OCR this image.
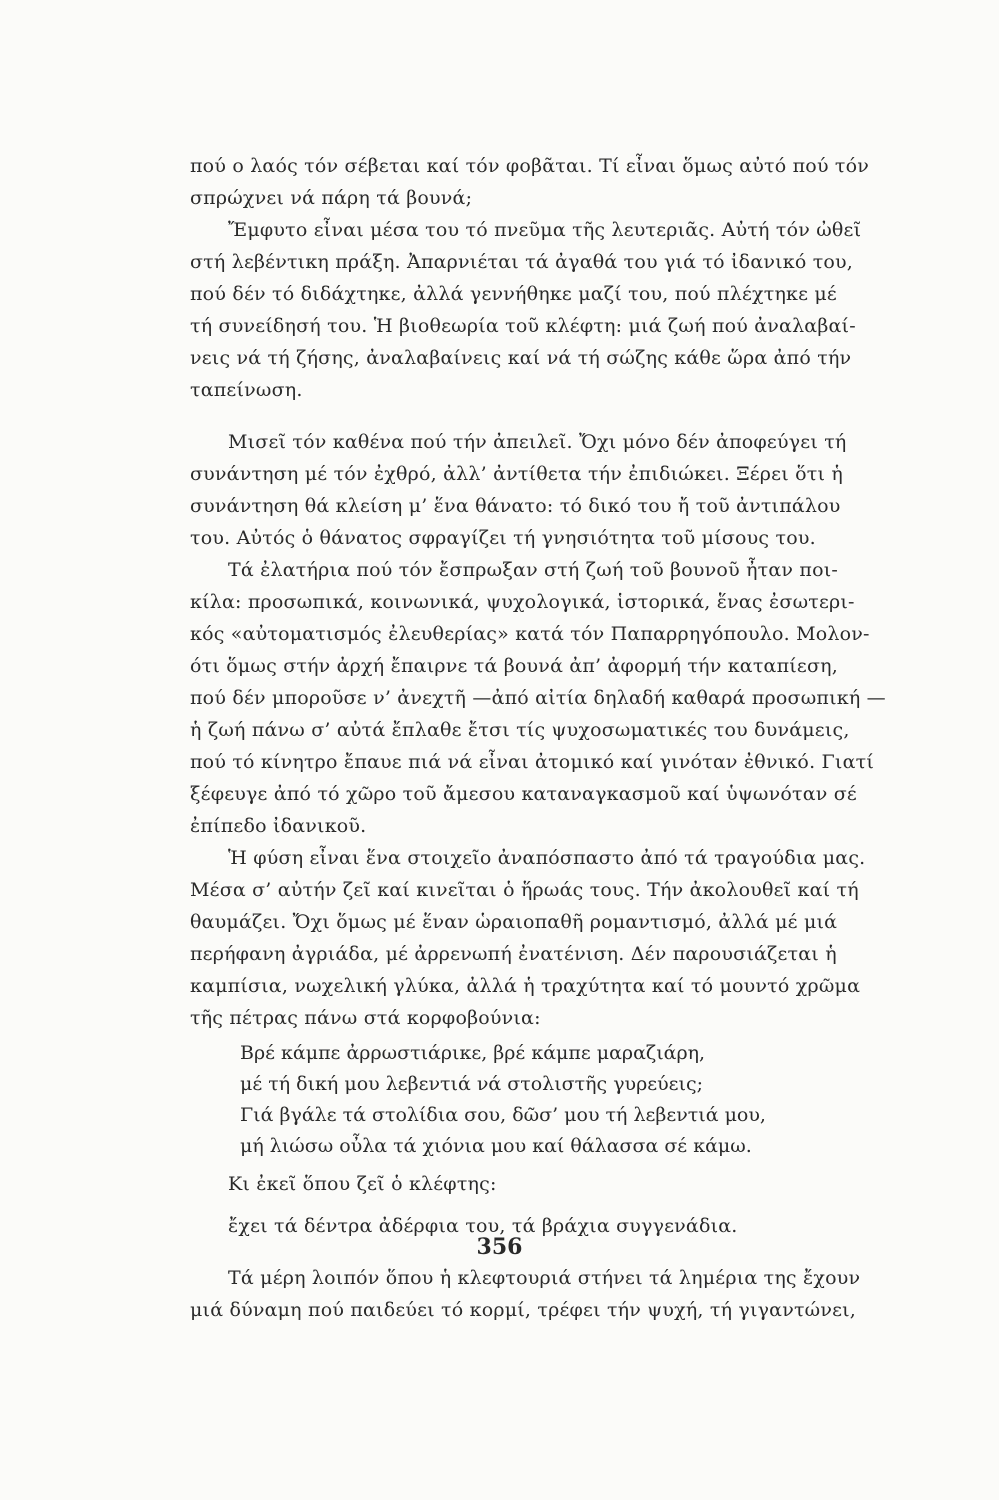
πού ο λαός τόν σέβεται καί τόν φοβᾶται. Τί εἶναι ὅμως αὐτό πού τόν
σπρώχνει νά πάρη τά βουνά;
Ἔμφυτο εἶναι μέσα του τό πνεῦμα τῆς λευτεριᾶς. Αὐτή τόν ὠθεῖ
στή λεβέντικη πράξη. Ἀπαρνιέται τά ἀγαθά του γιά τό ἰδανικό του,
πού δέν τό διδάχτηκε, ἀλλά γεννήθηκε μαζί του, πού πλέχτηκε μέ
τή συνείδησή του. Ἡ βιοθεωρία τοῦ κλέφτη: μιά ζωή πού ἀναλαβαί-
νεις νά τή ζήσης, ἀναλαβαίνεις καί νά τή σώζης κάθε ὥρα ἀπό τήν
ταπείνωση.
Μισεῖ τόν καθένα πού τήν ἀπειλεῖ. Ὄχι μόνο δέν ἀποφεύγει τή
συνάντηση μέ τόν ἐχθρό, ἀλλ’ ἀντίθετα τήν ἐπιδιώκει. Ξέρει ὅτι ἡ
συνάντηση θά κλείση μ’ ἕνα θάνατο: τό δικό του ἤ τοῦ ἀντιπάλου
του. Αὐτός ὁ θάνατος σφραγίζει τή γνησιότητα τοῦ μίσους του.
Τά ἐλατήρια πού τόν ἔσπρωξαν στή ζωή τοῦ βουνοῦ ἦταν ποι-
κίλα: προσωπικά, κοινωνικά, ψυχολογικά, ἱστορικά, ἕνας ἐσωτερι-
κός «αὐτοματισμός ἐλευθερίας» κατά τόν Παπαρρηγόπουλο. Μολον-
ότι ὅμως στήν ἀρχή ἔπαιρνε τά βουνά ἀπ’ ἀφορμή τήν καταπίεση,
πού δέν μποροῦσε ν’ ἀνεχτῆ —ἀπό αἰτία δηλαδή καθαρά προσωπική —
ἡ ζωή πάνω σ’ αὐτά ἔπλαθε ἔτσι τίς ψυχοσωματικές του δυνάμεις,
πού τό κίνητρο ἔπαυε πιά νά εἶναι ἀτομικό καί γινόταν ἐθνικό. Γιατί
ξέφευγε ἀπό τό χῶρο τοῦ ἄμεσου καταναγκασμοῦ καί ὑψωνόταν σέ
ἐπίπεδο ἰδανικοῦ.
Ἡ φύση εἶναι ἕνα στοιχεῖο ἀναπόσπαστο ἀπό τά τραγούδια μας.
Μέσα σ’ αὐτήν ζεῖ καί κινεῖται ὁ ἥρωάς τους. Τήν ἀκολουθεῖ καί τή
θαυμάζει. Ὄχι ὅμως μέ ἕναν ὡραιοπαθῆ ρομαντισμό, ἀλλά μέ μιά
περήφανη ἀγριάδα, μέ ἀρρενωπή ἐνατένιση. Δέν παρουσιάζεται ἡ
καμπίσια, νωχελική γλύκα, ἀλλά ἡ τραχύτητα καί τό μουντό χρῶμα
τῆς πέτρας πάνω στά κορφοβούνια:
Βρέ κάμπε ἀρρωστιάρικε, βρέ κάμπε μαραζιάρη,
μέ τή δική μου λεβεντιά νά στολιστῆς γυρεύεις;
Γιά βγάλε τά στολίδια σου, δῶσ’ μου τή λεβεντιά μου,
μή λιώσω οὖλα τά χιόνια μου καί θάλασσα σέ κάμω.
Κι ἐκεῖ ὅπου ζεῖ ὁ κλέφτης:
ἔχει τά δέντρα ἀδέρφια του, τά βράχια συγγενάδια.
Τά μέρη λοιπόν ὅπου ἡ κλεφτουριά στήνει τά λημέρια της ἔχουν
μιά δύναμη πού παιδεύει τό κορμί, τρέφει τήν ψυχή, τή γιγαντώνει,
356
